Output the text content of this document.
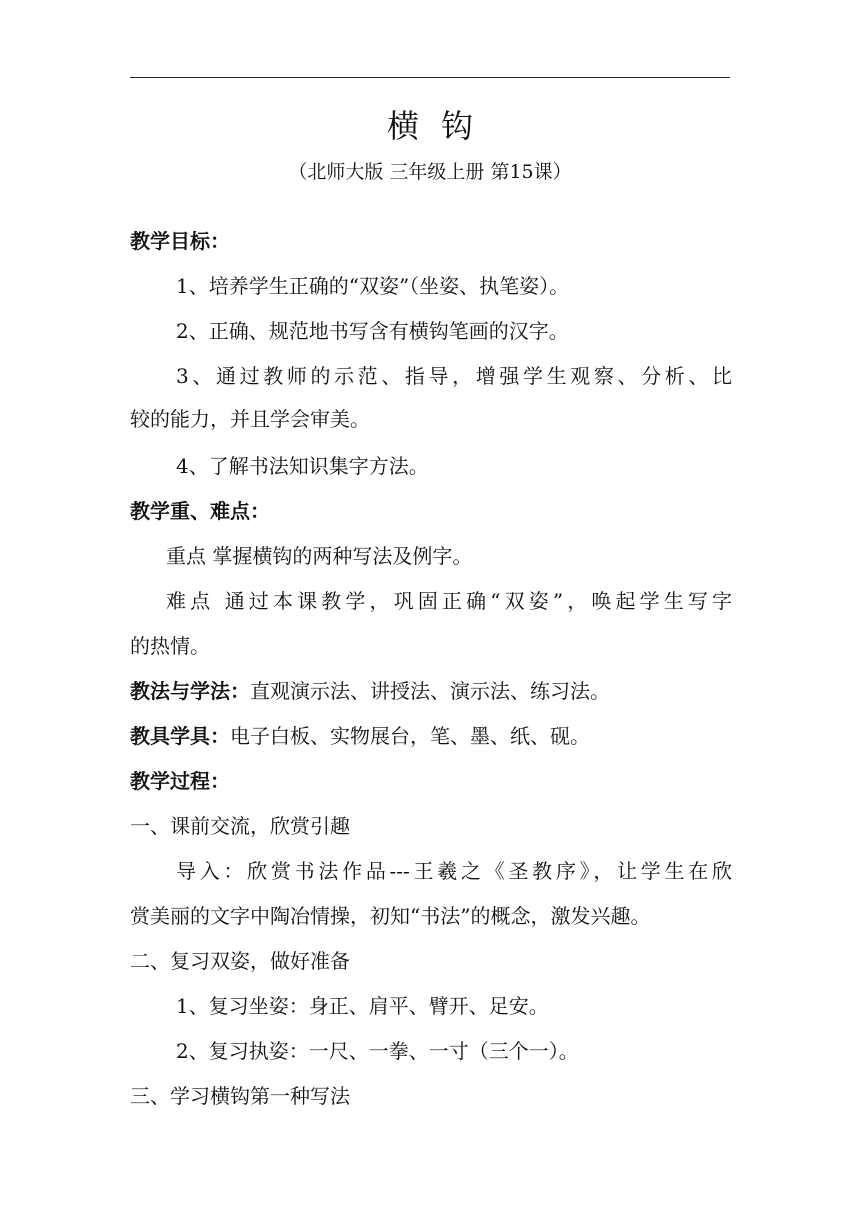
横钩
（北师大版 三年级上册 第15课）
教学目标：
1、培养学生正确的“双姿”（坐姿、执笔姿）。
2、正确、规范地书写含有横钩笔画的汉字。
3、通过教师的示范、指导，增强学生观察、分析、比
较的能力，并且学会审美。
4、了解书法知识集字方法。
教学重、难点：
重点 掌握横钩的两种写法及例字。
难点 通过本课教学，巩固正确“双姿”，唤起学生写字
的热情。
教法与学法：直观演示法、讲授法、演示法、练习法。
教具学具：电子白板、实物展台，笔、墨、纸、砚。
教学过程：
一、课前交流，欣赏引趣
导入：欣赏书法作品---王羲之《圣教序》，让学生在欣
赏美丽的文字中陶冶情操，初知“书法”的概念，激发兴趣。
二、复习双姿，做好准备
1、复习坐姿：身正、肩平、臂开、足安。
2、复习执姿：一尺、一拳、一寸（三个一）。
三、学习横钩第一种写法
